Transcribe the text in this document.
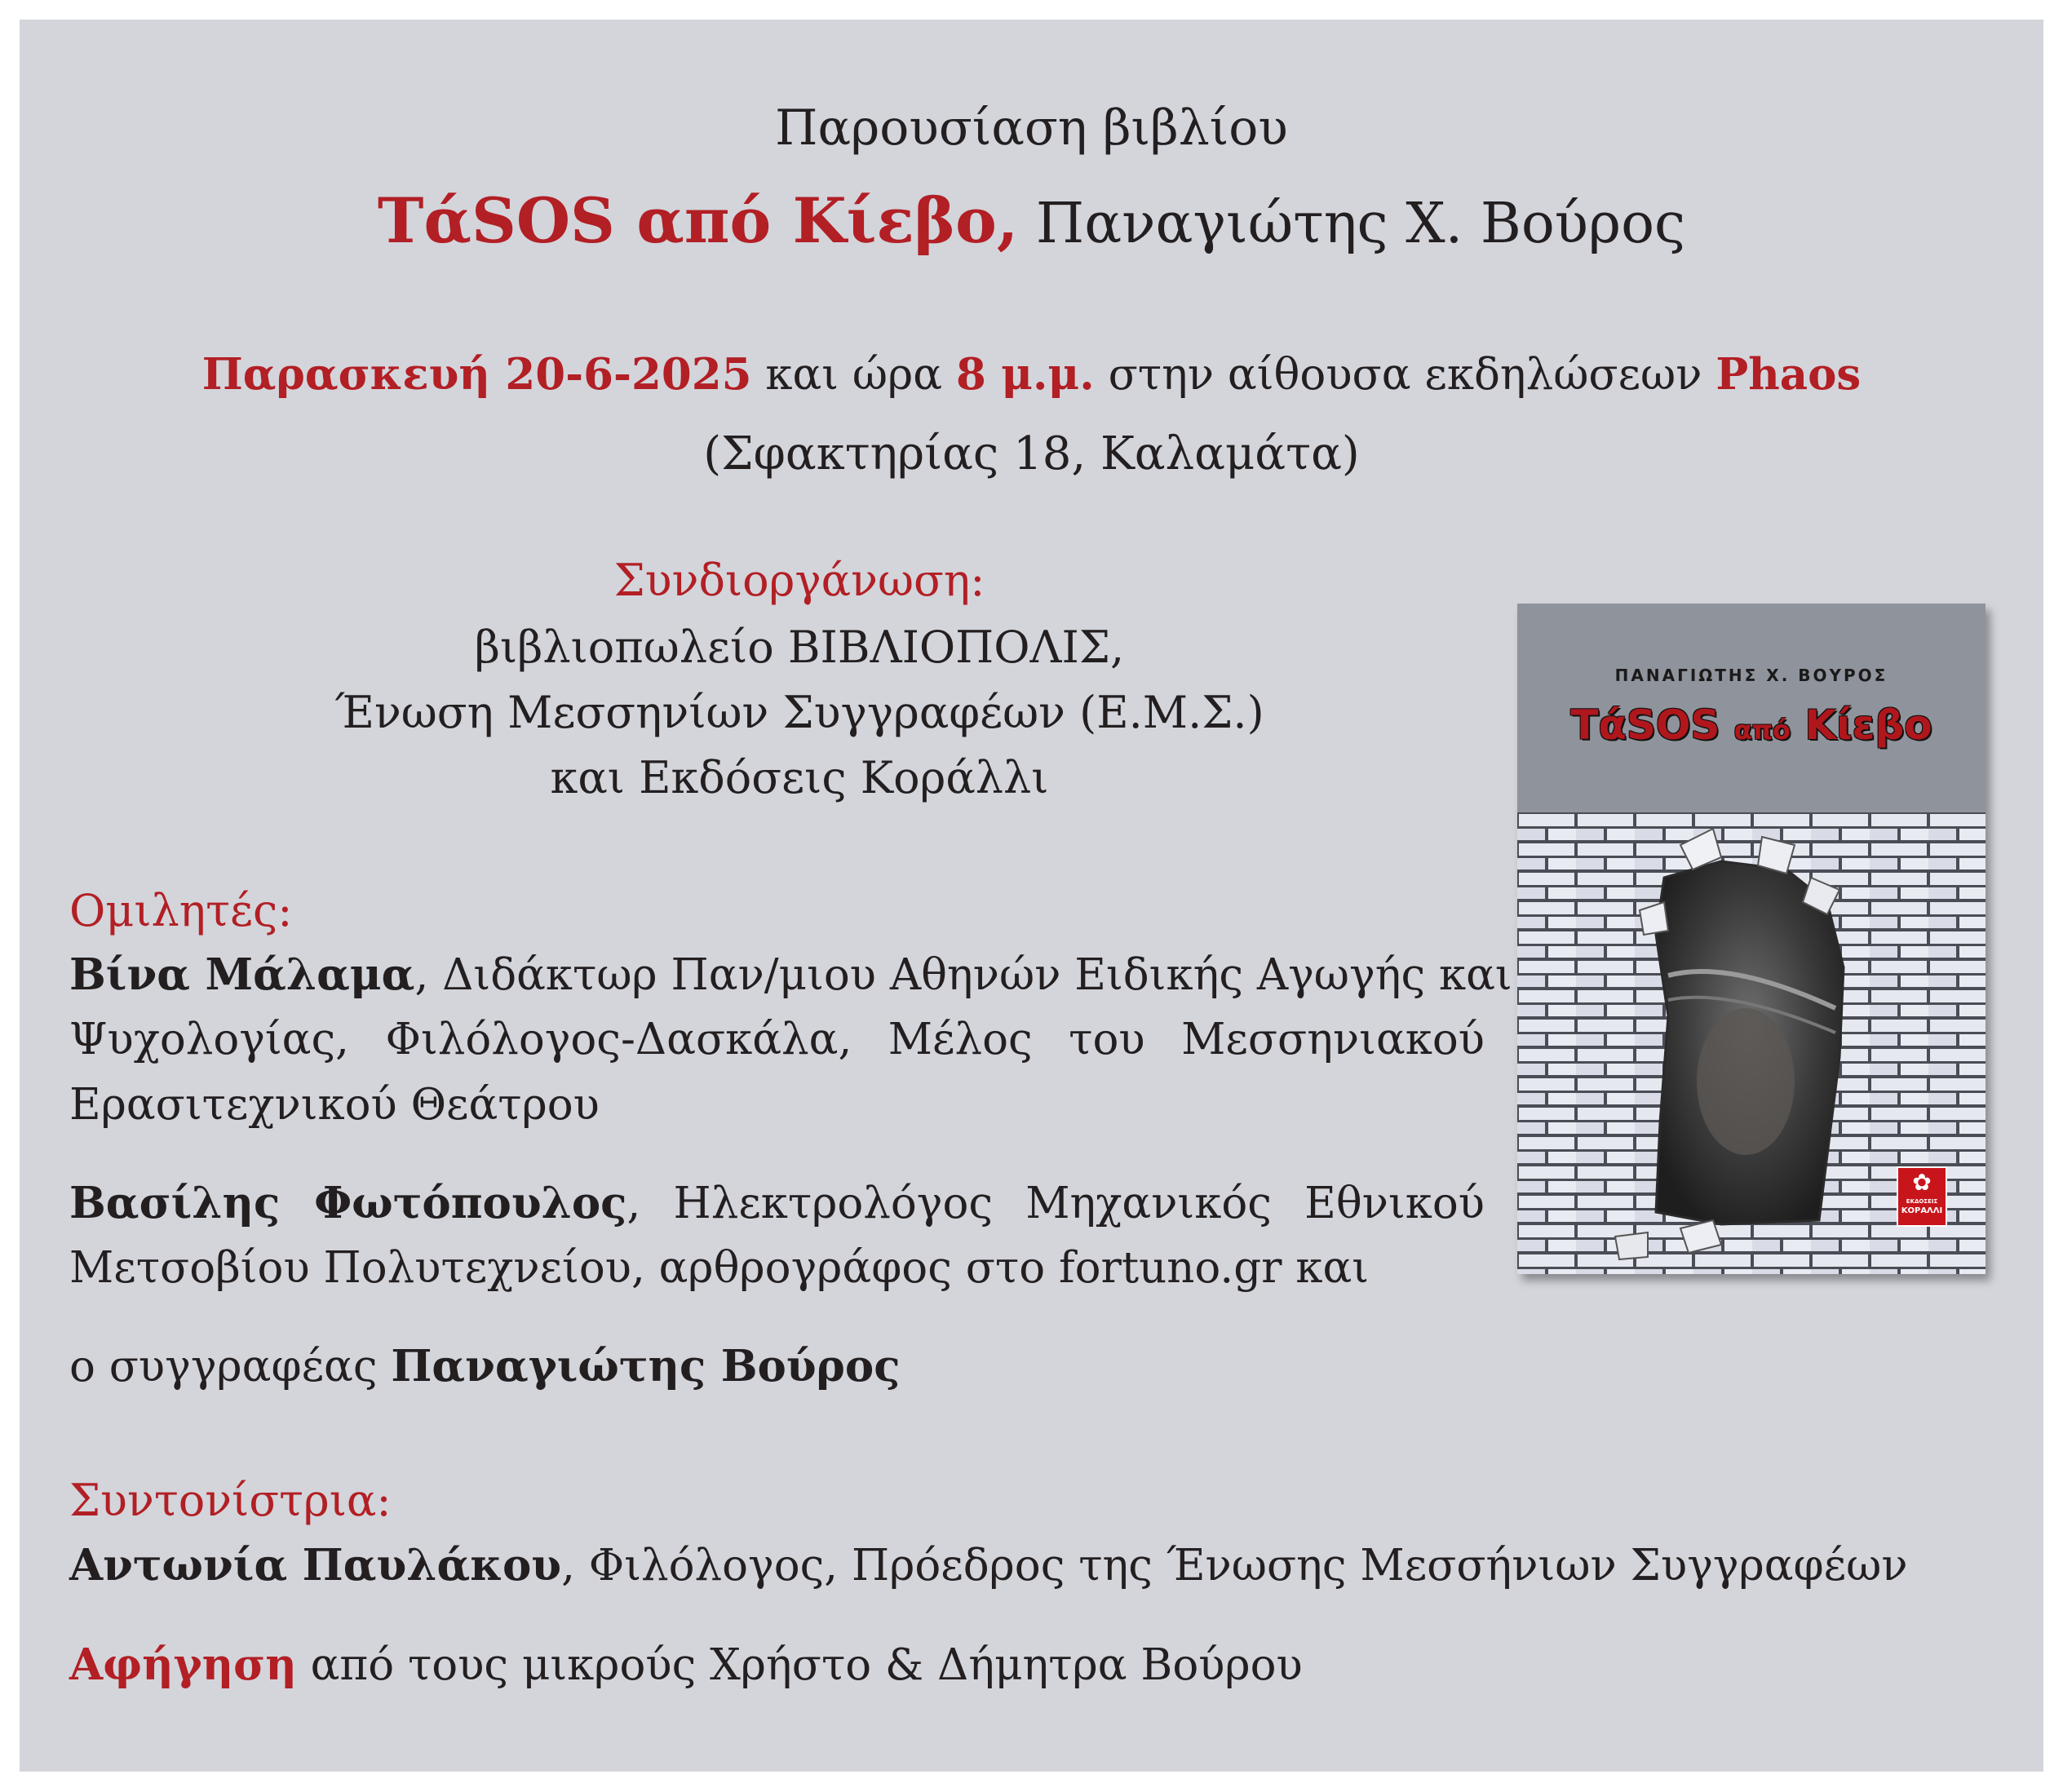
Παρουσίαση βιβλίου
ΤάSOS από Κίεβο, Παναγιώτης Χ. Βούρος
Παρασκευή 20-6-2025 και ώρα 8 μ.μ. στην αίθουσα εκδηλώσεων Phaos
(Σφακτηρίας 18, Καλαμάτα)
Συνδιοργάνωση:
βιβλιοπωλείο ΒΙΒΛΙΟΠΟΛΙΣ,
Ένωση Μεσσηνίων Συγγραφέων (Ε.Μ.Σ.)
και Εκδόσεις Κοράλλι
Ομιλητές:
Βίνα Μάλαμα, Διδάκτωρ Παν/μιου Αθηνών Ειδικής Αγωγής και
Ψυχολογίας, Φιλόλογος-Δασκάλα, Μέλος του Μεσσηνιακού
Ερασιτεχνικού Θεάτρου
Βασίλης Φωτόπουλος, Ηλεκτρολόγος Μηχανικός Εθνικού
Μετσοβίου Πολυτεχνείου, αρθρογράφος στο fortuno.gr και
ο συγγραφέας Παναγιώτης Βούρος
Συντονίστρια:
Αντωνία Παυλάκου, Φιλόλογος, Πρόεδρος της Ένωσης Μεσσήνιων Συγγραφέων
Αφήγηση από τους μικρούς Χρήστο & Δήμητρα Βούρου
ΠΑΝΑΓΙΩΤΗΣ Χ. ΒΟΥΡΟΣ
ΤάSOS από Κίεβο
✿
ΕΚΔΟΣΕΙΣ
ΚΟΡΑΛΛΙ
